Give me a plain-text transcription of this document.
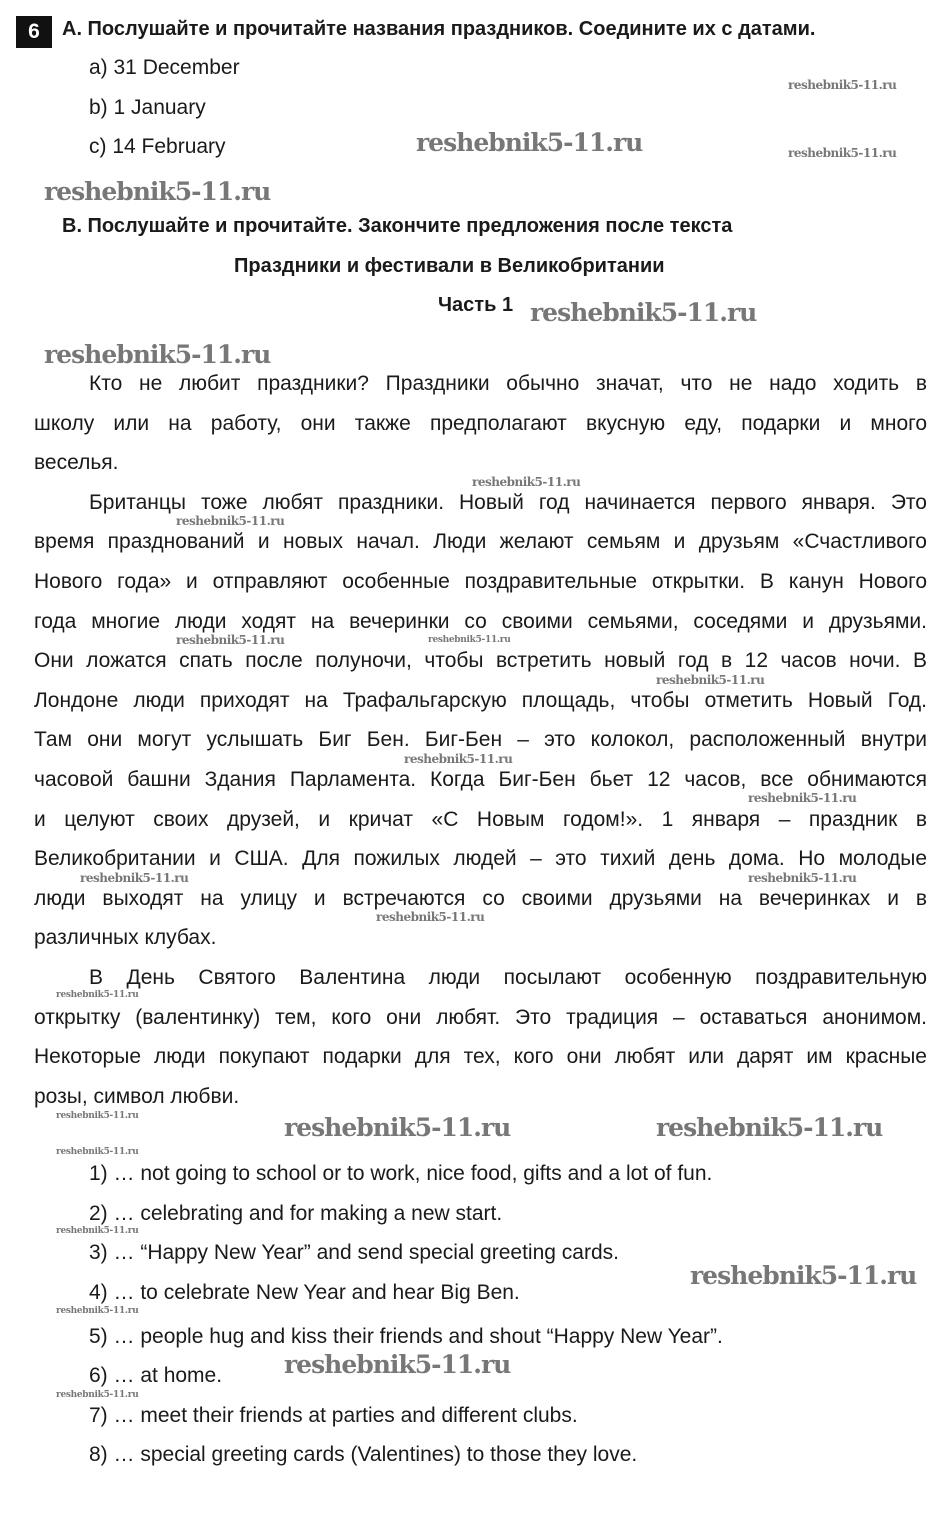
6	A. Послушайте и прочитайте названия праздников. Соедините их с датами.
a) 31 December
b) 1 January
c) 14 February
B. Послушайте и прочитайте. Закончите предложения после текста
Праздники и фестивали в Великобритании
Часть 1
Кто не любит праздники? Праздники обычно значат, что не надо ходить в
школу или на работу, они также предполагают вкусную еду, подарки и много
веселья.
Британцы тоже любят праздники. Новый год начинается первого января. Это
время празднований и новых начал. Люди желают семьям и друзьям «Счастливого
Нового года» и отправляют особенные поздравительные открытки. В канун Нового
года многие люди ходят на вечеринки со своими семьями, соседями и друзьями.
Они ложатся спать после полуночи, чтобы встретить новый год в 12 часов ночи. В
Лондоне люди приходят на Трафальгарскую площадь, чтобы отметить Новый Год.
Там они могут услышать Биг Бен. Биг-Бен – это колокол, расположенный внутри
часовой башни Здания Парламента. Когда Биг-Бен бьет 12 часов, все обнимаются
и целуют своих друзей, и кричат «С Новым годом!». 1 января – праздник в
Великобритании и США. Для пожилых людей – это тихий день дома. Но молодые
люди выходят на улицу и встречаются со своими друзьями на вечеринках и в
различных клубах.
В День Святого Валентина люди посылают особенную поздравительную
открытку (валентинку) тем, кого они любят. Это традиция – оставаться анонимом.
Некоторые люди покупают подарки для тех, кого они любят или дарят им красные
розы, символ любви.
1) … not going to school or to work, nice food, gifts and a lot of fun.
2) … celebrating and for making a new start.
3) … “Happy New Year” and send special greeting cards.
4) … to celebrate New Year and hear Big Ben.
5) … people hug and kiss their friends and shout “Happy New Year”.
6) … at home.
7) … meet their friends at parties and different clubs.
8) … special greeting cards (Valentines) to those they love.
reshebnik5-11.ru
reshebnik5-11.ru
reshebnik5-11.ru
reshebnik5-11.ru
reshebnik5-11.ru
reshebnik5-11.ru
reshebnik5-11.ru
reshebnik5-11.ru
reshebnik5-11.ru	reshebnik5-11.ru
reshebnik5-11.ru
reshebnik5-11.ru
reshebnik5-11.ru
reshebnik5-11.ru	reshebnik5-11.ru
reshebnik5-11.ru
reshebnik5-11.ru
reshebnik5-11.ru	reshebnik5-11.ru
reshebnik5-11.ru
reshebnik5-11.ru
reshebnik5-11.ru
reshebnik5-11.ru
reshebnik5-11.ru
reshebnik5-11.ru
reshebnik5-11.ru
